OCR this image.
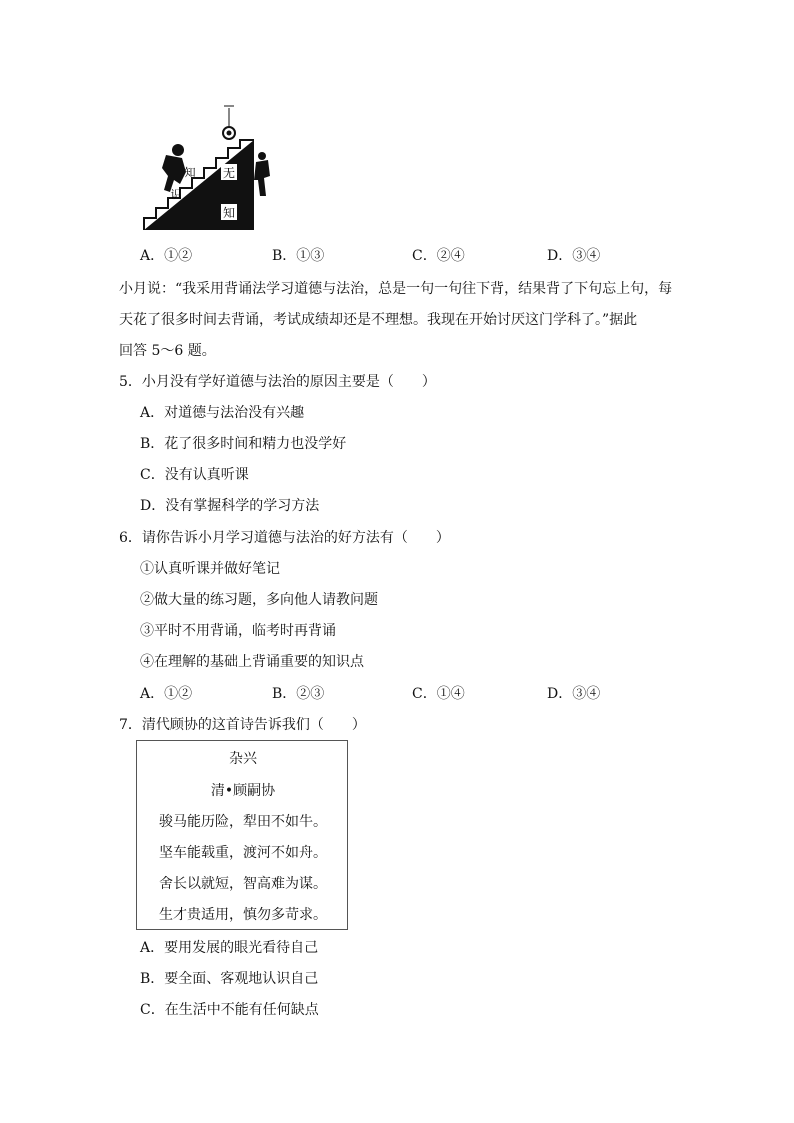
无
知
知
识
A．①②	B．①③	C．②④	D．③④
小月说：“我采用背诵法学习道德与法治，总是一句一句往下背，结果背了下句忘上句，每
天花了很多时间去背诵，考试成绩却还是不理想。我现在开始讨厌这门学科了。”据此
回答 5～6 题。
5．小月没有学好道德与法治的原因主要是（　　）
A．对道德与法治没有兴趣
B．花了很多时间和精力也没学好
C．没有认真听课
D．没有掌握科学的学习方法
6．请你告诉小月学习道德与法治的好方法有（　　）
①认真听课并做好笔记
②做大量的练习题，多向他人请教问题
③平时不用背诵，临考时再背诵
④在理解的基础上背诵重要的知识点
A．①②	B．②③	C．①④	D．③④
7．清代顾协的这首诗告诉我们（　　）
杂兴
清•顾嗣协
骏马能历险，犁田不如牛。
坚车能载重，渡河不如舟。
舍长以就短，智高难为谋。
生才贵适用，慎勿多苛求。
A．要用发展的眼光看待自己
B．要全面、客观地认识自己
C．在生活中不能有任何缺点
